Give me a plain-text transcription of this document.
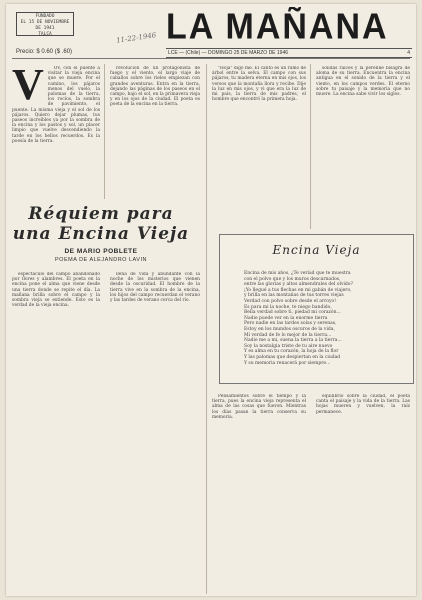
FUNDADO
EL 15 DE NOVIEMBRE DE 1941
TALCA
Precio: $ 0.60 ($ .60)
11-22-1946 LA MAÑANA
LCE — (Chile) — DOMINGO 25 DE MARZO DE 1946	4
V	OV, con el puente a visitar la vieja encina que se muere. Por el camino, los pájaros menos del vuelo, la palomas de la tierra, los rocíos, la sombra de pavimiento, el puente. La misma vieja y el sol de los pájaros. Quiero dejar plumas, tus paseos increíbles ya por la sombra de la encina y los pastos y sol, un placer limpio que vuelve descendiendo la tarde en los bellos recuerdos. Es la poesía de la tierra.

revolución de un protagonista de fuego y el viento, el largo viaje de caballos sobre los rieles empiezan con grandes aventuras. Entra en la tierra, dejando las páginas de los paseos en el campo, bajo el sol, en la primavera vieja y en los ojos de la ciudad. El poeta es poeta de la encina en la tierra.

"Hoja" digo me. El canto es un ramo de árbol entre la selva. El campo con sus pájaros, tu madera eterna en mis ojos, los versos que la montaña llora y recibe. Dije la luz en mis ojos, y vi que era la luz de mi país, la tierra de mis padres, el hombre que encontró la primera hoja.

sólidas raíces y la perenne bisagra de aloma de su tierra. Encuentra la encina antigua en el sonido de la tierra y el viento, en los campos verdes. El eterno sobre tu paisaje y la memoria que no muere. La encina sabe vivir los siglos.

Réquiem para una Encina Vieja
DE MARIO POBLETE
POEMA DE ALEJANDRO LAVIN

espectáculo del campo abandonado por flores y alambres. El poeta en la encina pone el alma que viene desde una tierra donde se repite el día. La mañana brilla sobre el campo y la sombra vieja se extiende. Esto es la verdad de la vieja encina.

llena de vida y abundante con la noche de los misterios que vienen desde la oscuridad. El hombre de la tierra vive en la sombra de la encina, los hijos del campo recuerdan el verano y las tardes de verano cerca del río.

Encina Vieja
Encina de mis años, ¿Te veríad que te muestra
con el polvo que y los muros descarnados,
entre las glorias y altos almendrales del olvido?
¡Yo llegué a tus flechas en mi gabán de viajero,
y brilla en las montañas de tus torres viejas
Verdad con polvo sobre desde el arroyo!
Es para mi la noche, te niego bandido,
Bella verdad sobre ti, piedad mi corazón...
Nadie puede ver en la enorme tierra
Pero nadie en las tardes solas y serenas,
Estoy en los mundos oscuros de la vida,
Mi verdad de fe lo mejor de la tierra...
Nadie me a mi, suena la tierra a la tierra...
Soy la nostalgia triste de tu aire nuevo
Y es alma en tu corazón, la hoja de la flor
Y las palomas que despiertan en la ciudad
Y su memoria renacerá por siempre...

Pensamientos sobre el tiempo y la tierra, pues la encina vieja representa el alma de las cosas que fueron. Mientras los días pasan la tierra conserva su memoria.

equilibrio sobre la ciudad, el poeta canta el paisaje y la vida de la tierra. Las hojas mueren y vuelven, la raíz permanece.
